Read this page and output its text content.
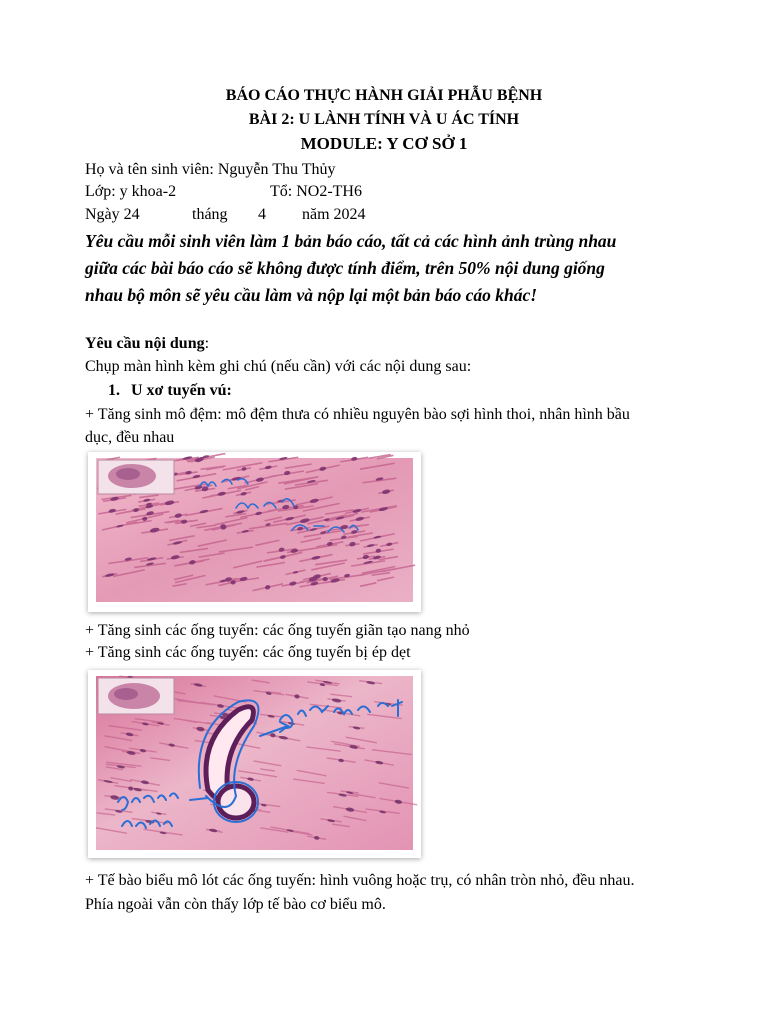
BÁO CÁO THỰC HÀNH GIẢI PHẪU BỆNH
BÀI 2: U LÀNH TÍNH VÀ U ÁC TÍNH
MODULE: Y CƠ SỞ 1
Họ và tên sinh viên: Nguyễn Thu Thủy
Lớp: y khoa-2	Tổ: NO2-TH6
Ngày 24	tháng 4 năm 2024
Yêu cầu mỗi sinh viên làm 1 bản báo cáo, tất cả các hình ảnh trùng nhau
giữa các bài báo cáo sẽ không được tính điểm, trên 50% nội dung giống
nhau bộ môn sẽ yêu cầu làm và nộp lại một bản báo cáo khác!
Yêu cầu nội dung:
Chụp màn hình kèm ghi chú (nếu cần) với các nội dung sau:
1. U xơ tuyến vú:
+ Tăng sinh mô đệm: mô đệm thưa có nhiều nguyên bào sợi hình thoi, nhân hình bầu
dục, đều nhau
mô đệm thưa
+ Tăng sinh các ống tuyến: các ống tuyến giãn tạo nang nhỏ
+ Tăng sinh các ống tuyến: các ống tuyến bị ép dẹt
ống tuyến dẹt
ống tuyến nang
+ Tế bào biểu mô lót các ống tuyến: hình vuông hoặc trụ, có nhân tròn nhỏ, đều nhau.
Phía ngoài vẫn còn thấy lớp tế bào cơ biểu mô.
